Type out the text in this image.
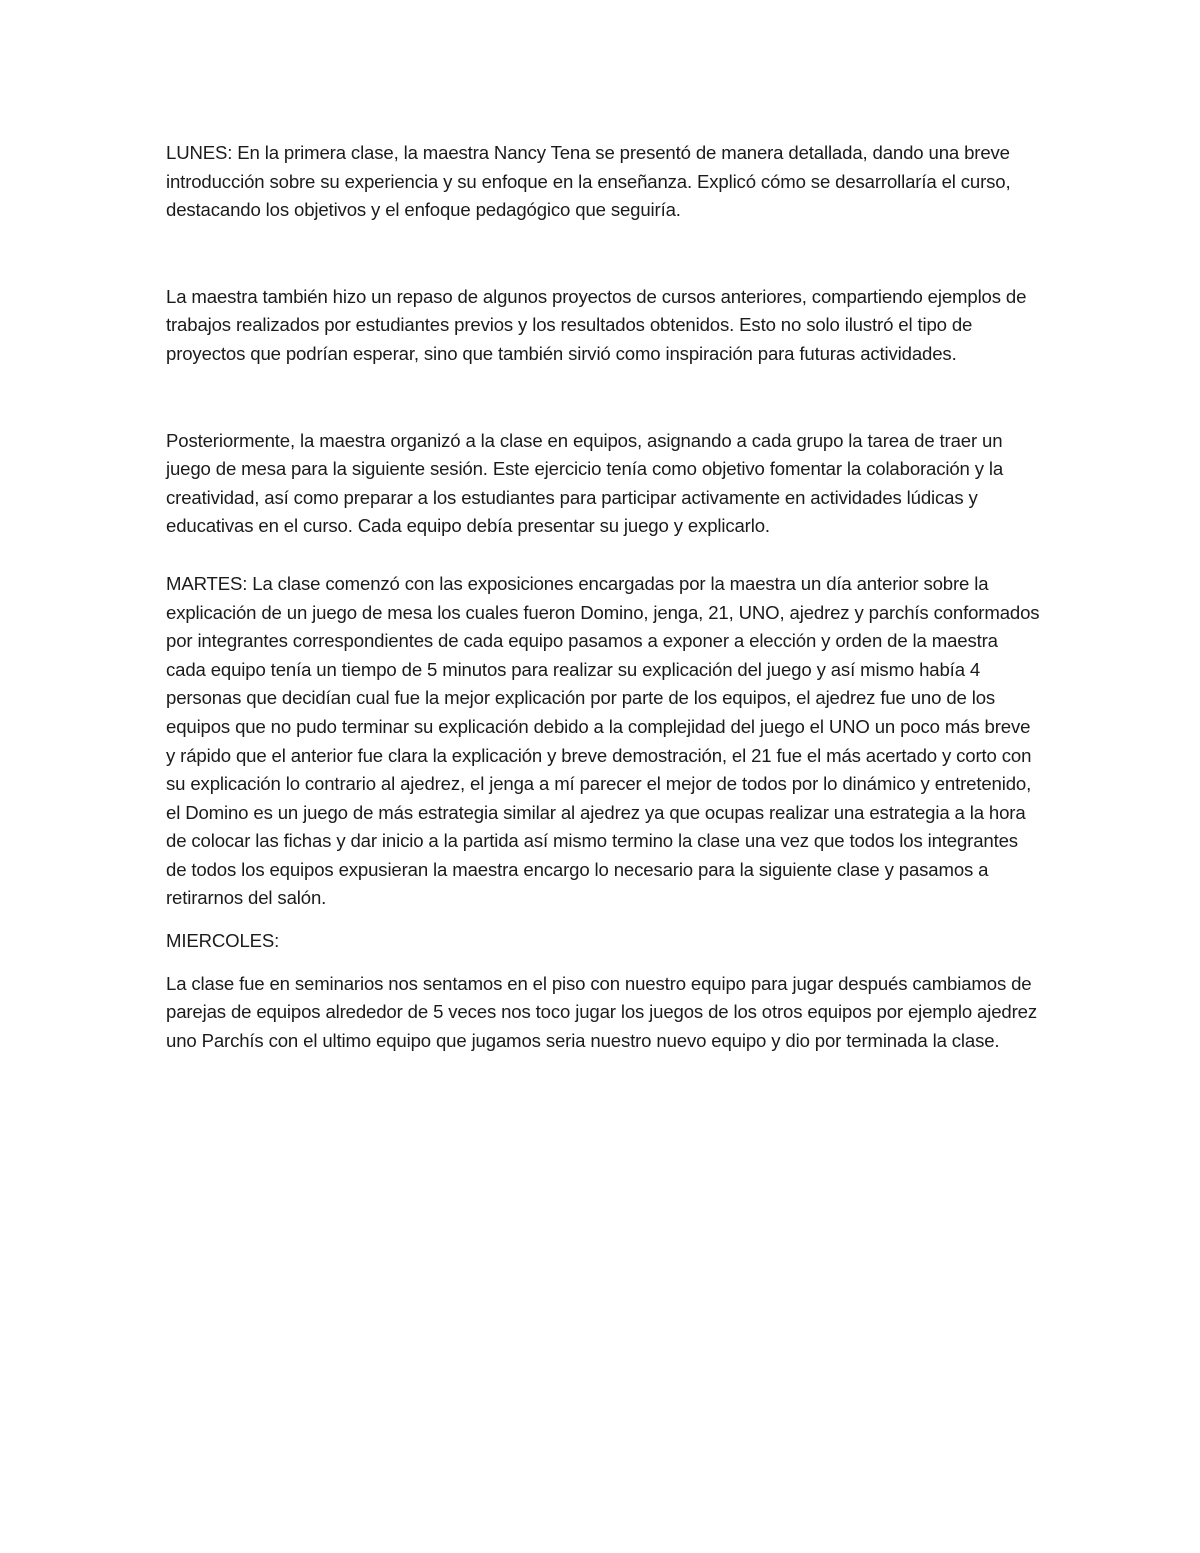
LUNES: En la primera clase, la maestra Nancy Tena se presentó de manera detallada, dando una breve introducción sobre su experiencia y su enfoque en la enseñanza. Explicó cómo se desarrollaría el curso, destacando los objetivos y el enfoque pedagógico que seguiría.

La maestra también hizo un repaso de algunos proyectos de cursos anteriores, compartiendo ejemplos de trabajos realizados por estudiantes previos y los resultados obtenidos. Esto no solo ilustró el tipo de proyectos que podrían esperar, sino que también sirvió como inspiración para futuras actividades.

Posteriormente, la maestra organizó a la clase en equipos, asignando a cada grupo la tarea de traer un juego de mesa para la siguiente sesión. Este ejercicio tenía como objetivo fomentar la colaboración y la creatividad, así como preparar a los estudiantes para participar activamente en actividades lúdicas y educativas en el curso. Cada equipo debía presentar su juego y explicarlo.

MARTES: La clase comenzó con las exposiciones encargadas por la maestra un día anterior sobre la explicación de un juego de mesa los cuales fueron Domino, jenga, 21, UNO, ajedrez y parchís conformados por integrantes correspondientes de cada equipo pasamos a exponer a elección y orden de la maestra cada equipo tenía un tiempo de 5 minutos para realizar su explicación del juego y así mismo había 4 personas que decidían cual fue la mejor explicación por parte de los equipos, el ajedrez fue uno de los equipos que no pudo terminar su explicación debido a la complejidad del juego el UNO un poco más breve y rápido que el anterior fue clara la explicación y breve demostración, el 21 fue el más acertado y corto con su explicación lo contrario al ajedrez, el jenga a mí parecer el mejor de todos por lo dinámico y entretenido, el Domino es un juego de más estrategia similar al ajedrez ya que ocupas realizar una estrategia a la hora de colocar las fichas y dar inicio a la partida así mismo termino la clase una vez que todos los integrantes de todos los equipos expusieran la maestra encargo lo necesario para la siguiente clase y pasamos a retirarnos del salón.

MIERCOLES:

La clase fue en seminarios nos sentamos en el piso con nuestro equipo para jugar después cambiamos de parejas de equipos alrededor de 5 veces nos toco jugar los juegos de los otros equipos por ejemplo ajedrez uno Parchís con el ultimo equipo que jugamos seria nuestro nuevo equipo y dio por terminada la clase.
